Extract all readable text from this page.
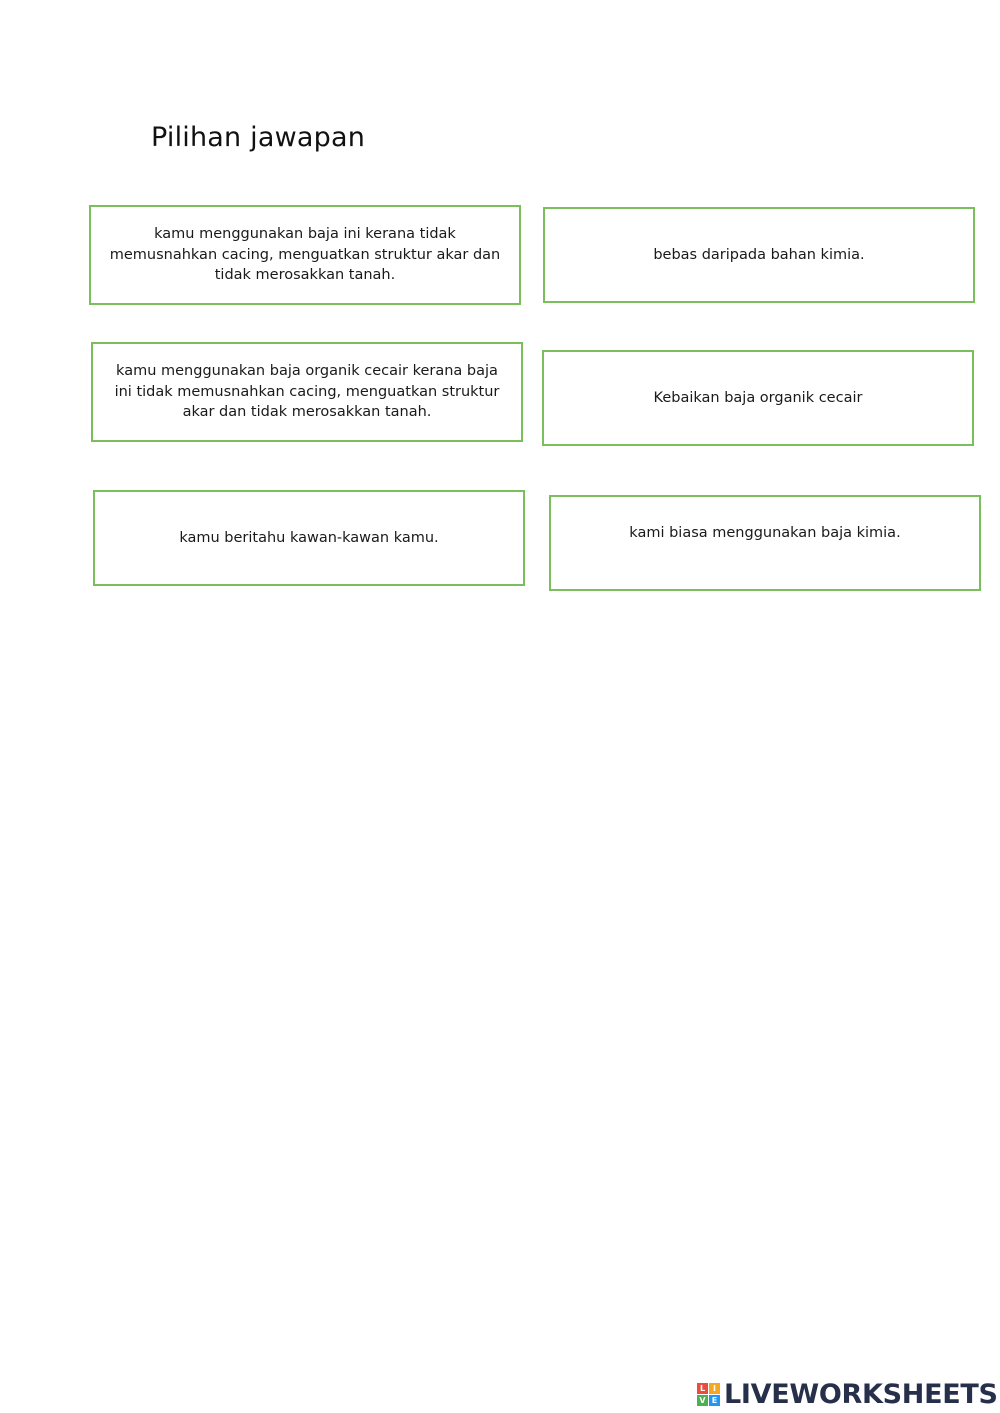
Pilihan jawapan
kamu menggunakan baja ini kerana tidak memusnahkan cacing, menguatkan struktur akar dan tidak merosakkan tanah.
bebas daripada bahan kimia.
kamu menggunakan baja organik cecair kerana baja ini tidak memusnahkan cacing, menguatkan struktur akar dan tidak merosakkan tanah.
Kebaikan baja organik cecair
kamu beritahu kawan-kawan kamu.	kami biasa menggunakan baja kimia.
L I
V E LIVEWORKSHEETS
